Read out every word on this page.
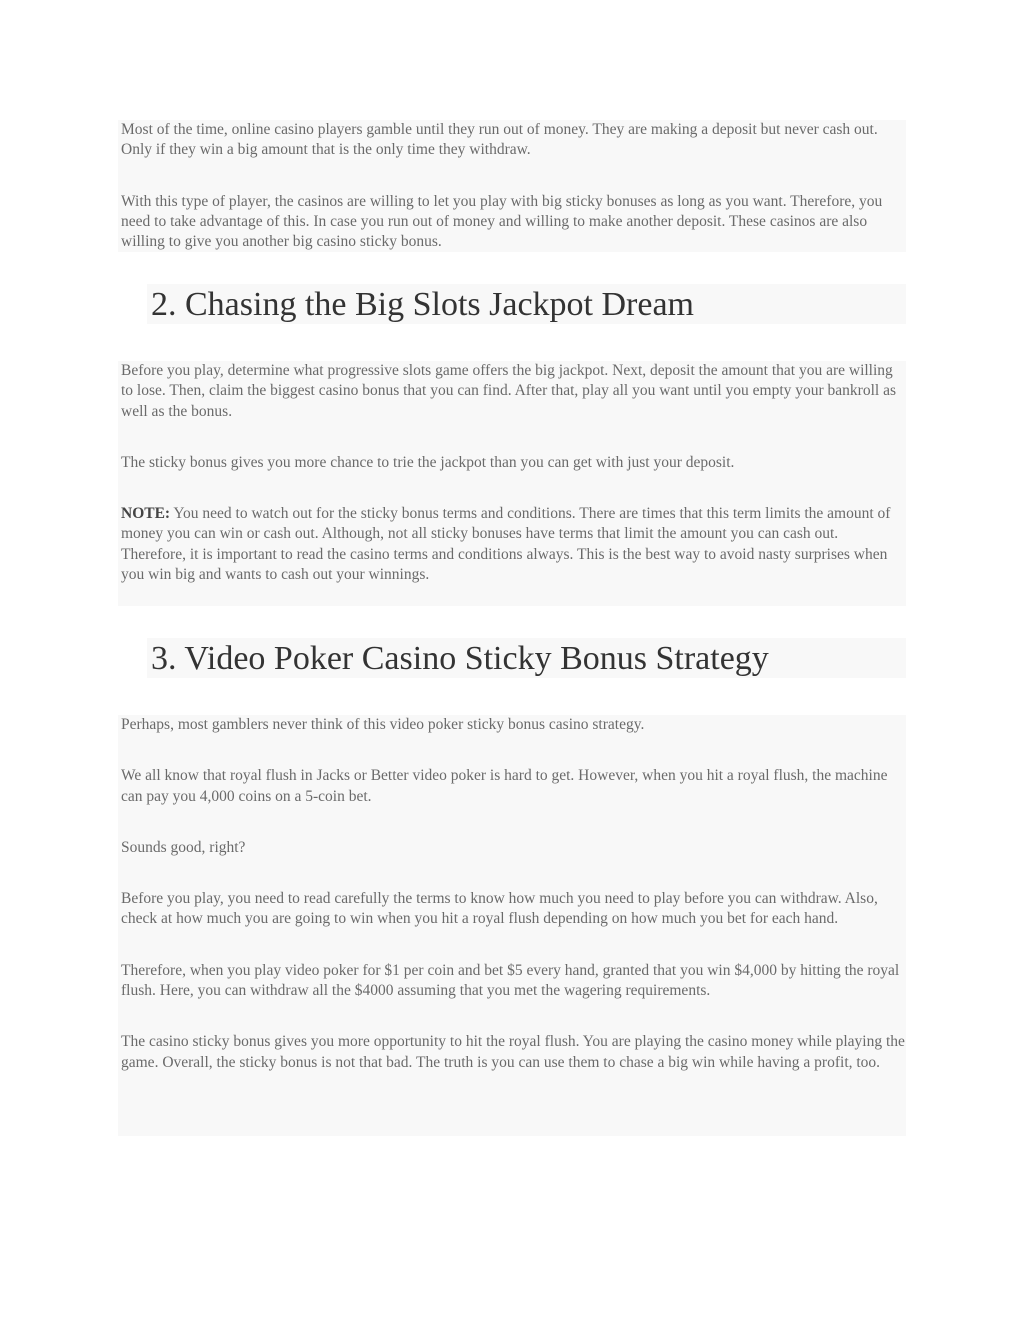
Most of the time, online casino players gamble until they run out of money. They are making a deposit but never cash out. Only if they win a big amount that is the only time they withdraw.

With this type of player, the casinos are willing to let you play with big sticky bonuses as long as you want. Therefore, you need to take advantage of this. In case you run out of money and willing to make another deposit. These casinos are also willing to give you another big casino sticky bonus.

2. Chasing the Big Slots Jackpot Dream

Before you play, determine what progressive slots game offers the big jackpot. Next, deposit the amount that you are willing to lose. Then, claim the biggest casino bonus that you can find. After that, play all you want until you empty your bankroll as well as the bonus.

The sticky bonus gives you more chance to trie the jackpot than you can get with just your deposit.

NOTE: You need to watch out for the sticky bonus terms and conditions. There are times that this term limits the amount of money you can win or cash out. Although, not all sticky bonuses have terms that limit the amount you can cash out.

Therefore, it is important to read the casino terms and conditions always. This is the best way to avoid nasty surprises when you win big and wants to cash out your winnings.

3. Video Poker Casino Sticky Bonus Strategy

Perhaps, most gamblers never think of this video poker sticky bonus casino strategy.

We all know that royal flush in Jacks or Better video poker is hard to get. However, when you hit a royal flush, the machine can pay you 4,000 coins on a 5-coin bet.

Sounds good, right?

Before you play, you need to read carefully the terms to know how much you need to play before you can withdraw. Also, check at how much you are going to win when you hit a royal flush depending on how much you bet for each hand.

Therefore, when you play video poker for $1 per coin and bet $5 every hand, granted that you win $4,000 by hitting the royal flush. Here, you can withdraw all the $4000 assuming that you met the wagering requirements.

The casino sticky bonus gives you more opportunity to hit the royal flush. You are playing the casino money while playing the game. Overall, the sticky bonus is not that bad. The truth is you can use them to chase a big win while having a profit, too.
